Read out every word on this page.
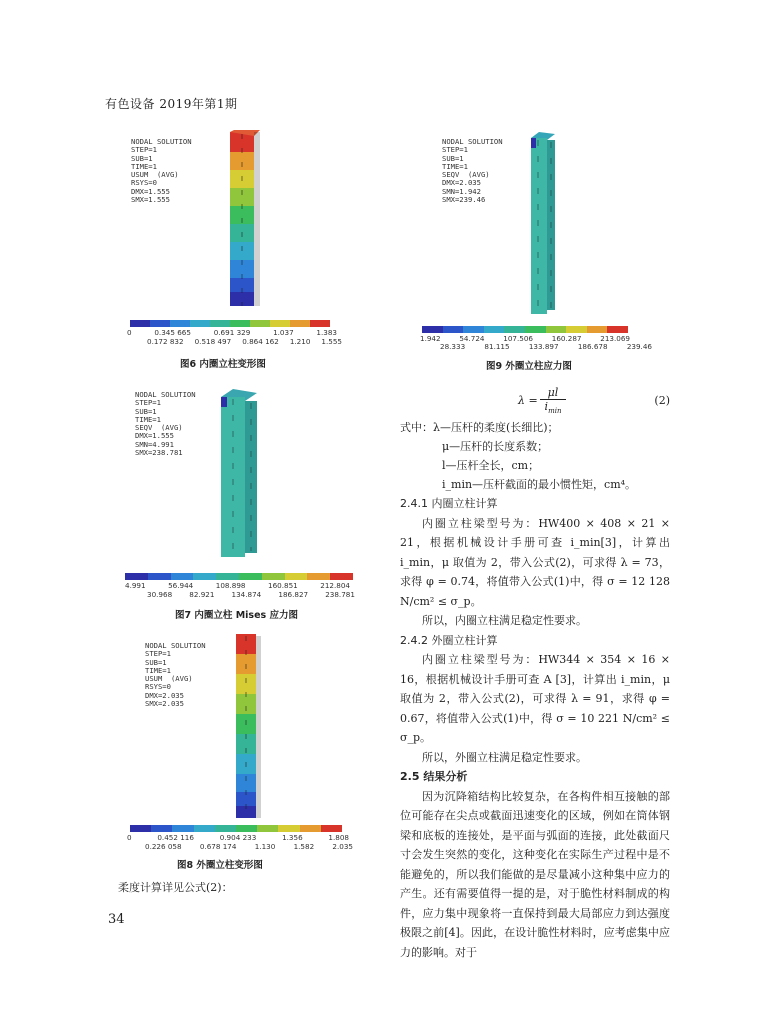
有色设备 2019年第1期
NODAL SOLUTION
STEP=1
SUB=1
TIME=1
USUM  (AVG)
RSYS=0
DMX=1.555
SMX=1.555
0	0.345 665	0.691 329	1.037	1.383
0.172 832 0.518 497 0.864 162 1.210 1.555
图6 内圈立柱变形图
NODAL SOLUTION
STEP=1
SUB=1
TIME=1
SEQV  (AVG)
DMX=1.555
SMN=4.991
SMX=238.781
4.991	56.944	108.898	160.851	212.804
30.968 82.921 134.874 186.827 238.781
图7 内圈立柱 Mises 应力图
NODAL SOLUTION
STEP=1
SUB=1
TIME=1
USUM  (AVG)
RSYS=0
DMX=2.035
SMX=2.035
0	0.452 116	0.904 233	1.356	1.808
0.226 058	0.678 174	1.130	1.582	2.035
图8 外圈立柱变形图
柔度计算详见公式(2)：
34
NODAL SOLUTION
STEP=1
SUB=1
TIME=1
SEQV  (AVG)
DMX=2.035
SMN=1.942
SMX=239.46
1.942	54.724	107.506	160.287	213.069
28.333	81.115	133.897	186.678	239.46
图9 外圈立柱应力图
λ =
μl
$i_{min}$
(2)
式中：λ—压杆的柔度(长细比)；
μ—压杆的长度系数；
l—压杆全长，cm；
i_min—压杆截面的最小惯性矩，cm⁴。

2.4.1 内圈立柱计算

内圈立柱梁型号为：HW400 × 408 × 21 × 21，根据机械设计手册可查 i_min[3]，计算出 i_min，μ 取值为 2，带入公式(2)，可求得 λ = 73，求得 φ = 0.74，将值带入公式(1)中，得 σ = 12 128 N/cm² ≤ σ_p。

所以，内圈立柱满足稳定性要求。

2.4.2 外圈立柱计算

内圈立柱梁型号为：HW344 × 354 × 16 × 16，根据机械设计手册可查 A [3]，计算出 i_min，μ 取值为 2，带入公式(2)，可求得 λ = 91，求得 φ = 0.67，将值带入公式(1)中，得 σ = 10 221 N/cm² ≤ σ_p。

所以，外圈立柱满足稳定性要求。

2.5 结果分析

因为沉降箱结构比较复杂，在各构件相互接触的部位可能存在尖点或截面迅速变化的区域，例如在筒体钢梁和底板的连接处，是平面与弧面的连接，此处截面尺寸会发生突然的变化，这种变化在实际生产过程中是不能避免的，所以我们能做的是尽量减小这种集中应力的产生。还有需要值得一提的是，对于脆性材料制成的构件，应力集中现象将一直保持到最大局部应力到达强度极限之前[4]。因此，在设计脆性材料时，应考虑集中应力的影响。对于
